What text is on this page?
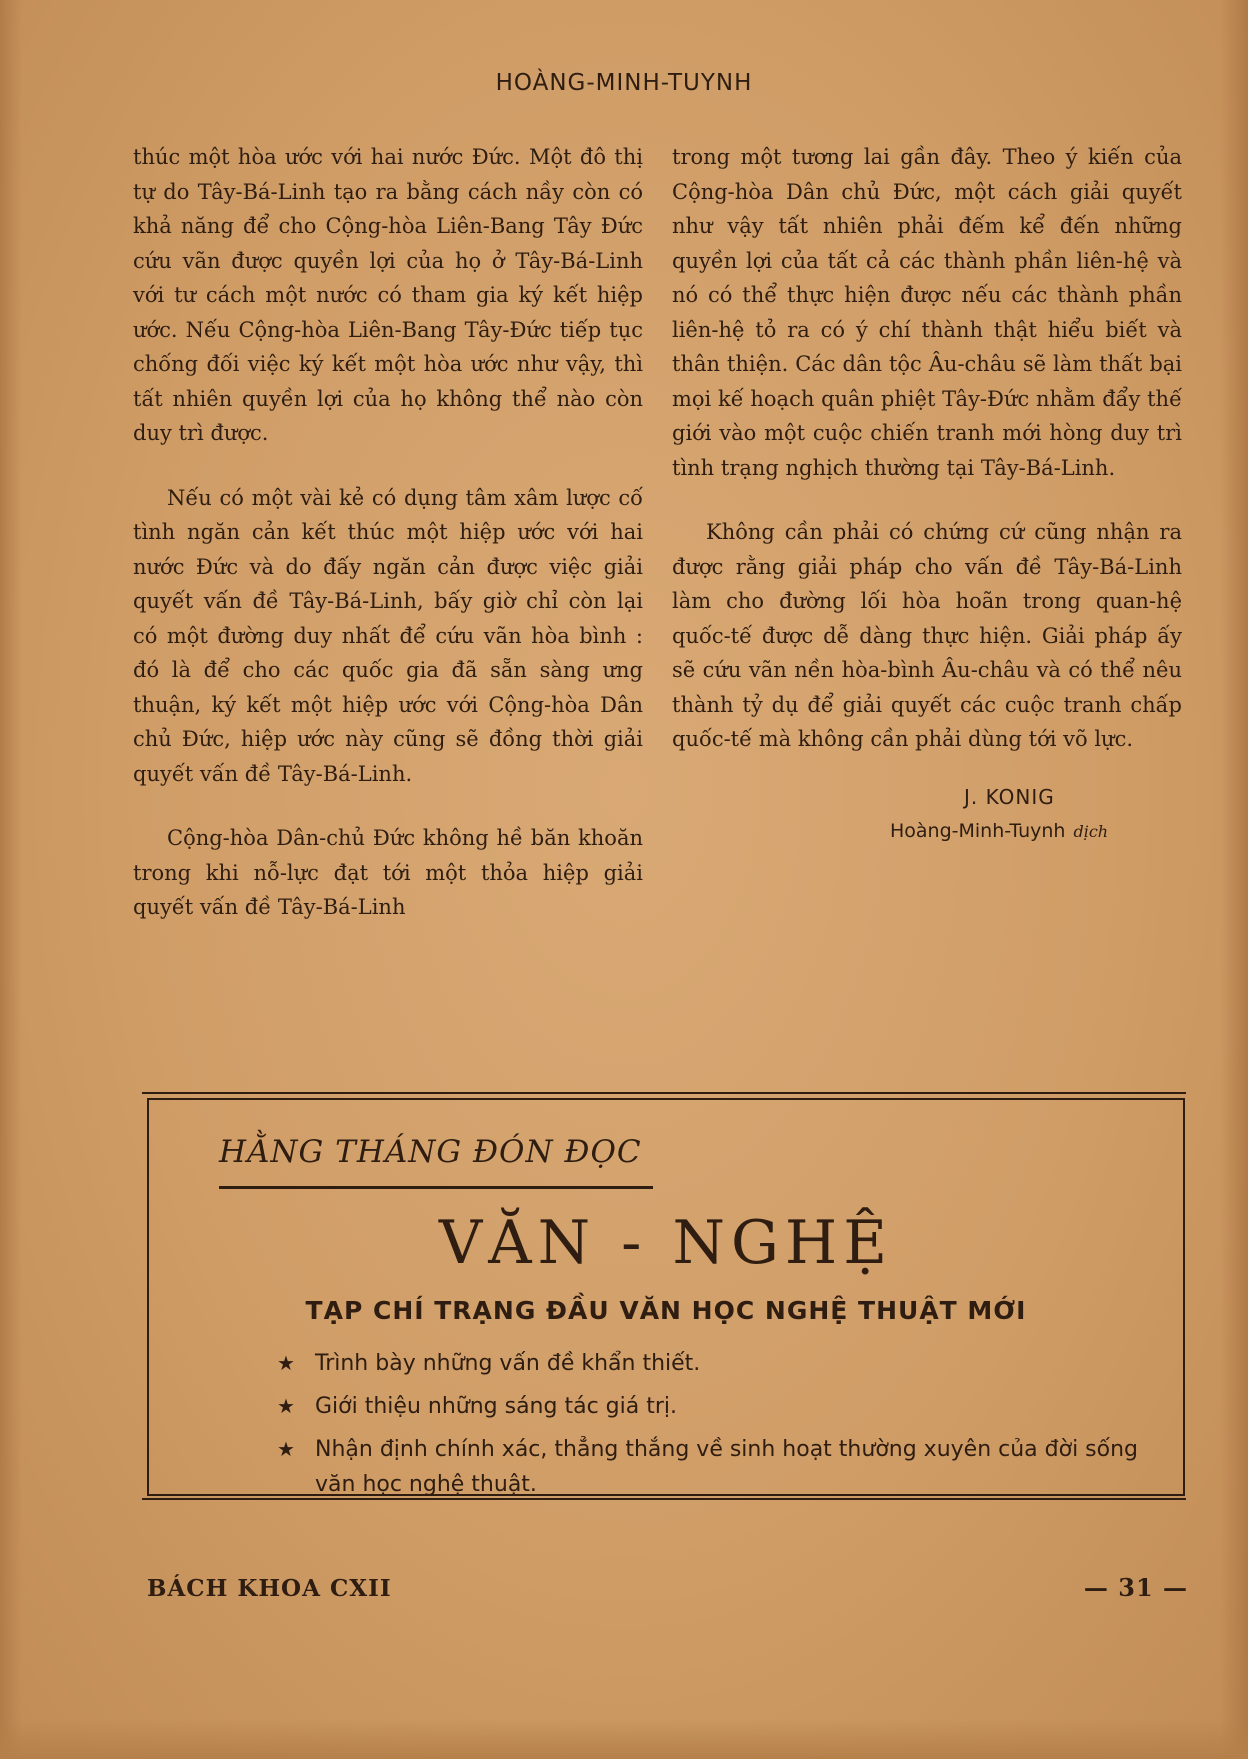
HOÀNG-MINH-TUYNH

thúc một hòa ước với hai nước Đức. Một đô thị tự do Tây-Bá-Linh tạo ra bằng cách nầy còn có khả năng để cho Cộng-hòa Liên-Bang Tây Đức cứu vãn được quyền lợi của họ ở Tây-Bá-Linh với tư cách một nước có tham gia ký kết hiệp ước. Nếu Cộng-hòa Liên-Bang Tây-Đức tiếp tục chống đối việc ký kết một hòa ước như vậy, thì tất nhiên quyền lợi của họ không thể nào còn duy trì được.

Nếu có một vài kẻ có dụng tâm xâm lược cố tình ngăn cản kết thúc một hiệp ước với hai nước Đức và do đấy ngăn cản được việc giải quyết vấn đề Tây-Bá-Linh, bấy giờ chỉ còn lại có một đường duy nhất để cứu vãn hòa bình : đó là để cho các quốc gia đã sẵn sàng ưng thuận, ký kết một hiệp ước với Cộng-hòa Dân chủ Đức, hiệp ước này cũng sẽ đồng thời giải quyết vấn đề Tây-Bá-Linh.

Cộng-hòa Dân-chủ Đức không hề băn khoăn trong khi nỗ-lực đạt tới một thỏa hiệp giải quyết vấn đề Tây-Bá-Linh

trong một tương lai gần đây. Theo ý kiến của Cộng-hòa Dân chủ Đức, một cách giải quyết như vậy tất nhiên phải đếm kể đến những quyền lợi của tất cả các thành phần liên-hệ và nó có thể thực hiện được nếu các thành phần liên-hệ tỏ ra có ý chí thành thật hiểu biết và thân thiện. Các dân tộc Âu-châu sẽ làm thất bại mọi kế hoạch quân phiệt Tây-Đức nhằm đẩy thế giới vào một cuộc chiến tranh mới hòng duy trì tình trạng nghịch thường tại Tây-Bá-Linh.

Không cần phải có chứng cứ cũng nhận ra được rằng giải pháp cho vấn đề Tây-Bá-Linh làm cho đường lối hòa hoãn trong quan-hệ quốc-tế được dễ dàng thực hiện. Giải pháp ấy sẽ cứu vãn nền hòa-bình Âu-châu và có thể nêu thành tỷ dụ để giải quyết các cuộc tranh chấp quốc-tế mà không cần phải dùng tới võ lực.

J. KONIG
Hoàng-Minh-Tuynh dịch
HẰNG THÁNG ĐÓN ĐỌC
VĂN - NGHỆ
TẠP CHÍ TRẠNG ĐẦU VĂN HỌC NGHỆ THUẬT MỚI
★ Trình bày những vấn đề khẩn thiết.
★ Giới thiệu những sáng tác giá trị.
★ Nhận định chính xác, thẳng thắng về sinh hoạt thường xuyên của đời sống văn học nghệ thuật.
BÁCH KHOA CXII	— 31 —
